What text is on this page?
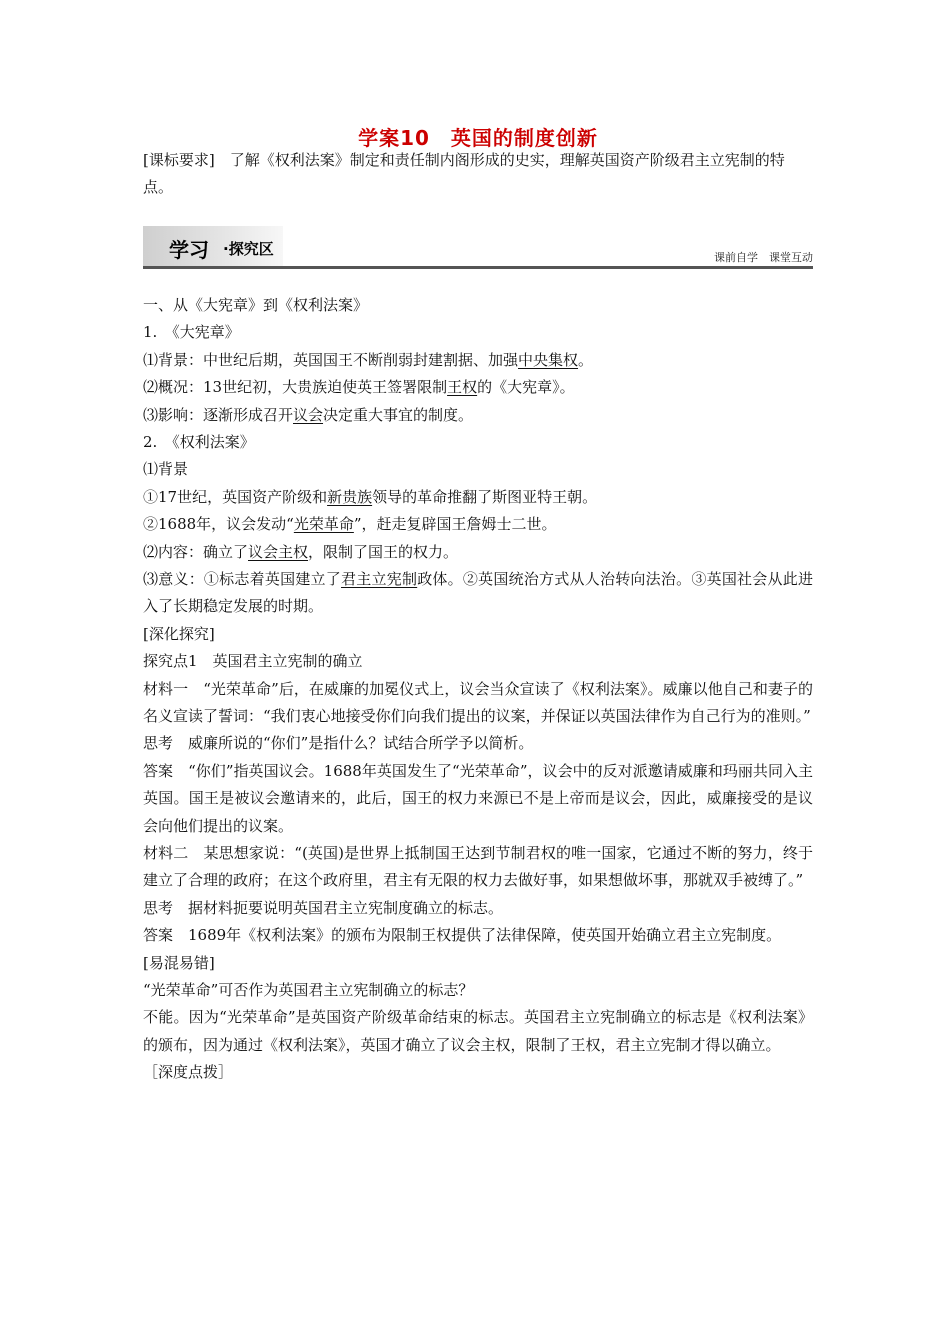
学案10　英国的制度创新
[课标要求]　了解《权利法案》制定和责任制内阁形成的史实，理解英国资产阶级君主立宪制的特点。
学习 ·探究区	课前自学　课堂互动
一、从《大宪章》到《权利法案》
1.　《大宪章》
⑴背景：中世纪后期，英国国王不断削弱封建割据、加强中央集权。
⑵概况：13世纪初，大贵族迫使英王签署限制王权的《大宪章》。
⑶影响：逐渐形成召开议会决定重大事宜的制度。
2.　《权利法案》
⑴背景
①17世纪，英国资产阶级和新贵族领导的革命推翻了斯图亚特王朝。
②1688年，议会发动“光荣革命”，赶走复辟国王詹姆士二世。
⑵内容：确立了议会主权，限制了国王的权力。
⑶意义：①标志着英国建立了君主立宪制政体。②英国统治方式从人治转向法治。③英国社会从此进入了长期稳定发展的时期。
[深化探究]
探究点1　英国君主立宪制的确立
材料一　“光荣革命”后，在威廉的加冕仪式上，议会当众宣读了《权利法案》。威廉以他自己和妻子的名义宣读了誓词：“我们衷心地接受你们向我们提出的议案，并保证以英国法律作为自己行为的准则。”
思考　威廉所说的“你们”是指什么？试结合所学予以简析。
答案　“你们”指英国议会。1688年英国发生了“光荣革命”，议会中的反对派邀请威廉和玛丽共同入主英国。国王是被议会邀请来的，此后，国王的权力来源已不是上帝而是议会，因此，威廉接受的是议会向他们提出的议案。
材料二　某思想家说：“(英国)是世界上抵制国王达到节制君权的唯一国家，它通过不断的努力，终于建立了合理的政府；在这个政府里，君主有无限的权力去做好事，如果想做坏事，那就双手被缚了。”
思考　据材料扼要说明英国君主立宪制度确立的标志。
答案　1689年《权利法案》的颁布为限制王权提供了法律保障，使英国开始确立君主立宪制度。
[易混易错]
“光荣革命”可否作为英国君主立宪制确立的标志？
不能。因为“光荣革命”是英国资产阶级革命结束的标志。英国君主立宪制确立的标志是《权利法案》的颁布，因为通过《权利法案》，英国才确立了议会主权，限制了王权，君主立宪制才得以确立。
［深度点拨］
